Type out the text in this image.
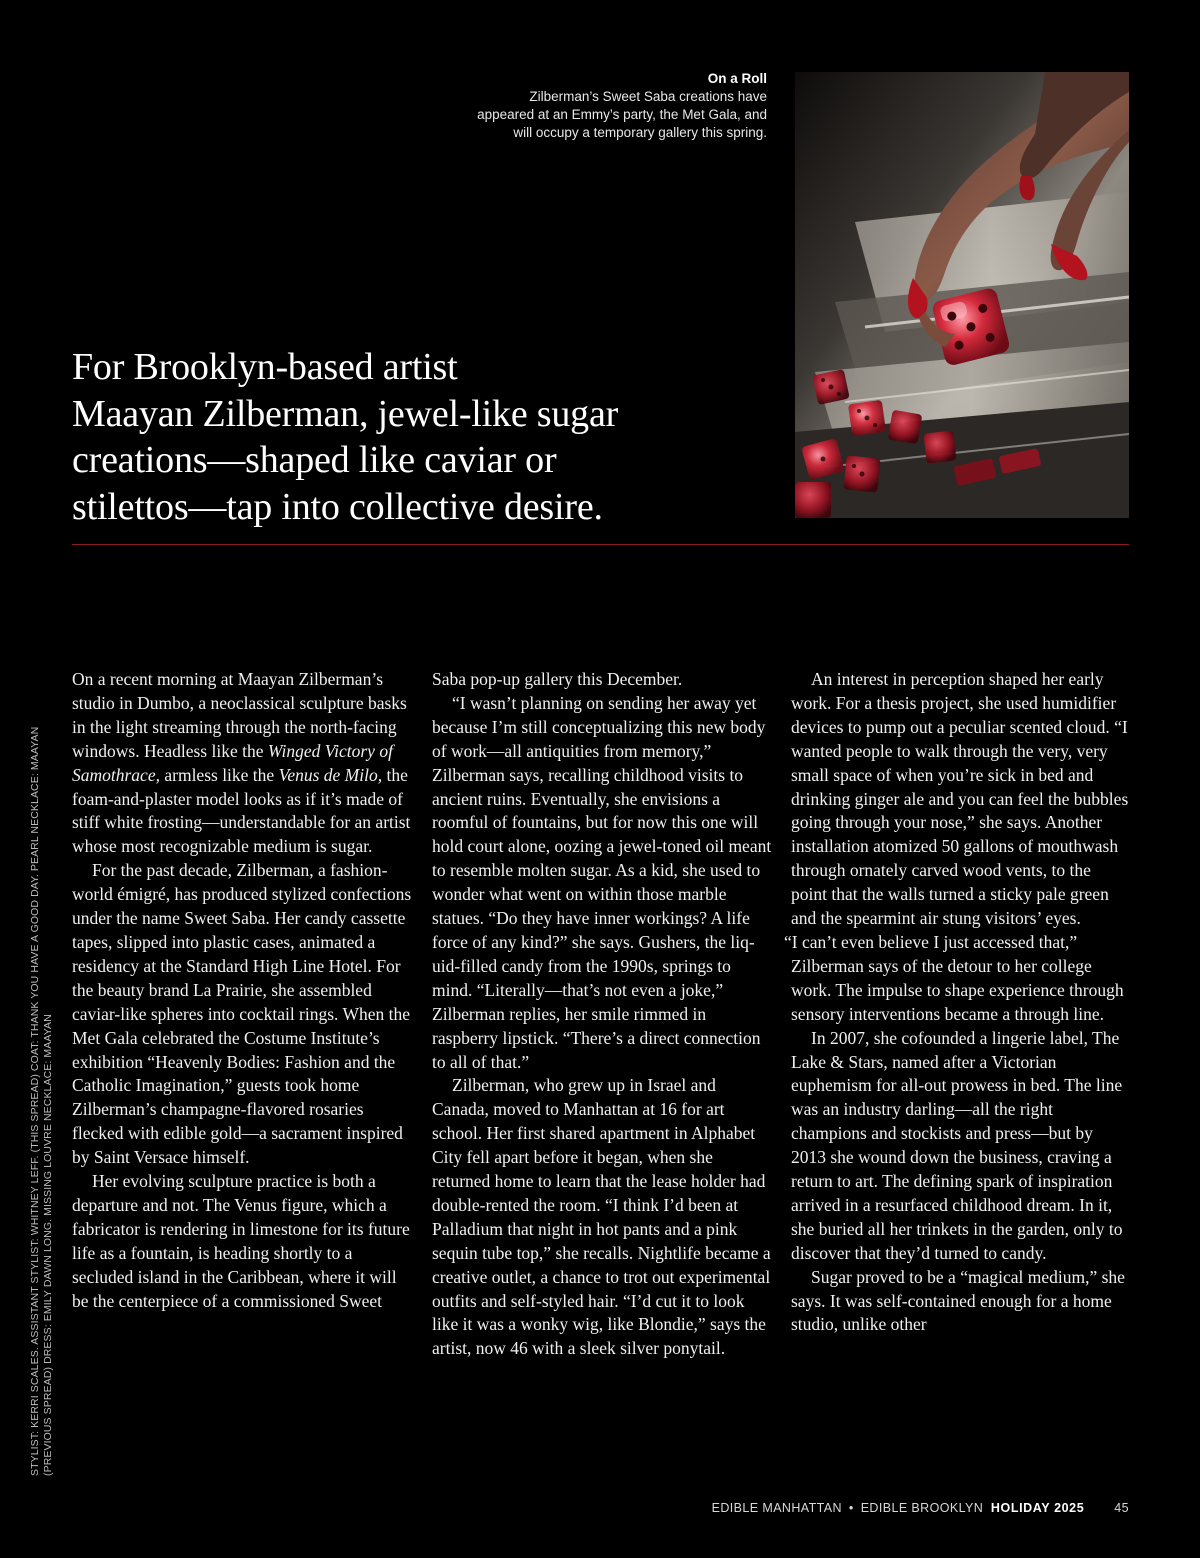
On a Roll
Zilberman’s Sweet Saba creations have
appeared at an Emmy’s party, the Met Gala, and
will occupy a temporary gallery this spring.
For Brooklyn-based artist
Maayan Zilberman, jewel-like sugar
creations—shaped like caviar or
stilettos—tap into collective desire.
STYLIST: KERRI SCALES. ASSISTANT STYLIST: WHITNEY LEFF. (THIS SPREAD) COAT: THANK YOU HAVE A GOOD DAY. PEARL NECKLACE: MAAYAN (PREVIOUS SPREAD) DRESS: EMILY DAWN LONG. MISSING LOUVRE NECKLACE: MAAYAN

On a recent morning at Maayan Zilberman’s studio in Dumbo, a neoclassical sculpture basks in the light streaming through the north-facing windows. Headless like the Winged Victory of Samothrace, armless like the Venus de Milo, the foam-and-plaster model looks as if it’s made of stiff white frosting—understandable for an artist whose most recognizable medium is sugar.

For the past decade, Zilberman, a fashion-world émigré, has produced stylized confections under the name Sweet Saba. Her candy cassette tapes, slipped into plastic cases, animated a residency at the Standard High Line Hotel. For the beauty brand La Prairie, she assembled caviar-like spheres into cocktail rings. When the Met Gala celebrated the Costume Institute’s exhibition “Heavenly Bodies: Fashion and the Catholic Imagination,” guests took home Zilberman’s champagne-flavored rosaries flecked with edible gold—a sacrament inspired by Saint Versace himself.

Her evolving sculpture practice is both a departure and not. The Venus figure, which a fabricator is rendering in limestone for its future life as a fountain, is heading shortly to a secluded island in the Caribbean, where it will be the centerpiece of a commissioned Sweet

Saba pop-up gallery this December.

“I wasn’t planning on sending her away yet because I’m still conceptualizing this new body of work—all antiquities from memory,” Zilberman says, recalling childhood visits to ancient ruins. Eventually, she envisions a roomful of fountains, but for now this one will hold court alone, oozing a jewel-toned oil meant to resemble molten sugar. As a kid, she used to wonder what went on within those marble statues. “Do they have inner workings? A life force of any kind?” she says. Gushers, the liquid-filled candy from the 1990s, springs to mind. “Literally—that’s not even a joke,” Zilberman replies, her smile rimmed in raspberry lipstick. “There’s a direct connection to all of that.”

Zilberman, who grew up in Israel and Canada, moved to Manhattan at 16 for art school. Her first shared apartment in Alphabet City fell apart before it began, when she returned home to learn that the lease holder had double-rented the room. “I think I’d been at Palladium that night in hot pants and a pink sequin tube top,” she recalls. Nightlife became a creative outlet, a chance to trot out experimental outfits and self-styled hair. “I’d cut it to look like it was a wonky wig, like Blondie,” says the artist, now 46 with a sleek silver ponytail.

An interest in perception shaped her early work. For a thesis project, she used humidifier devices to pump out a peculiar scented cloud. “I wanted people to walk through the very, very small space of when you’re sick in bed and drinking ginger ale and you can feel the bubbles going through your nose,” she says. Another installation atomized 50 gallons of mouthwash through ornately carved wood vents, to the point that the walls turned a sticky pale green and the spearmint air stung visitors’ eyes.

“I can’t even believe I just accessed that,” Zilberman says of the detour to her college work. The impulse to shape experience through sensory interventions became a through line.

In 2007, she cofounded a lingerie label, The Lake & Stars, named after a Victorian euphemism for all-out prowess in bed. The line was an industry darling—all the right champions and stockists and press—but by 2013 she wound down the business, craving a return to art. The defining spark of inspiration arrived in a resurfaced childhood dream. In it, she buried all her trinkets in the garden, only to discover that they’d turned to candy.

Sugar proved to be a “magical medium,” she says. It was self-contained enough for a home studio, unlike other

EDIBLE MANHATTAN • EDIBLE BROOKLYN HOLIDAY 2025 45
